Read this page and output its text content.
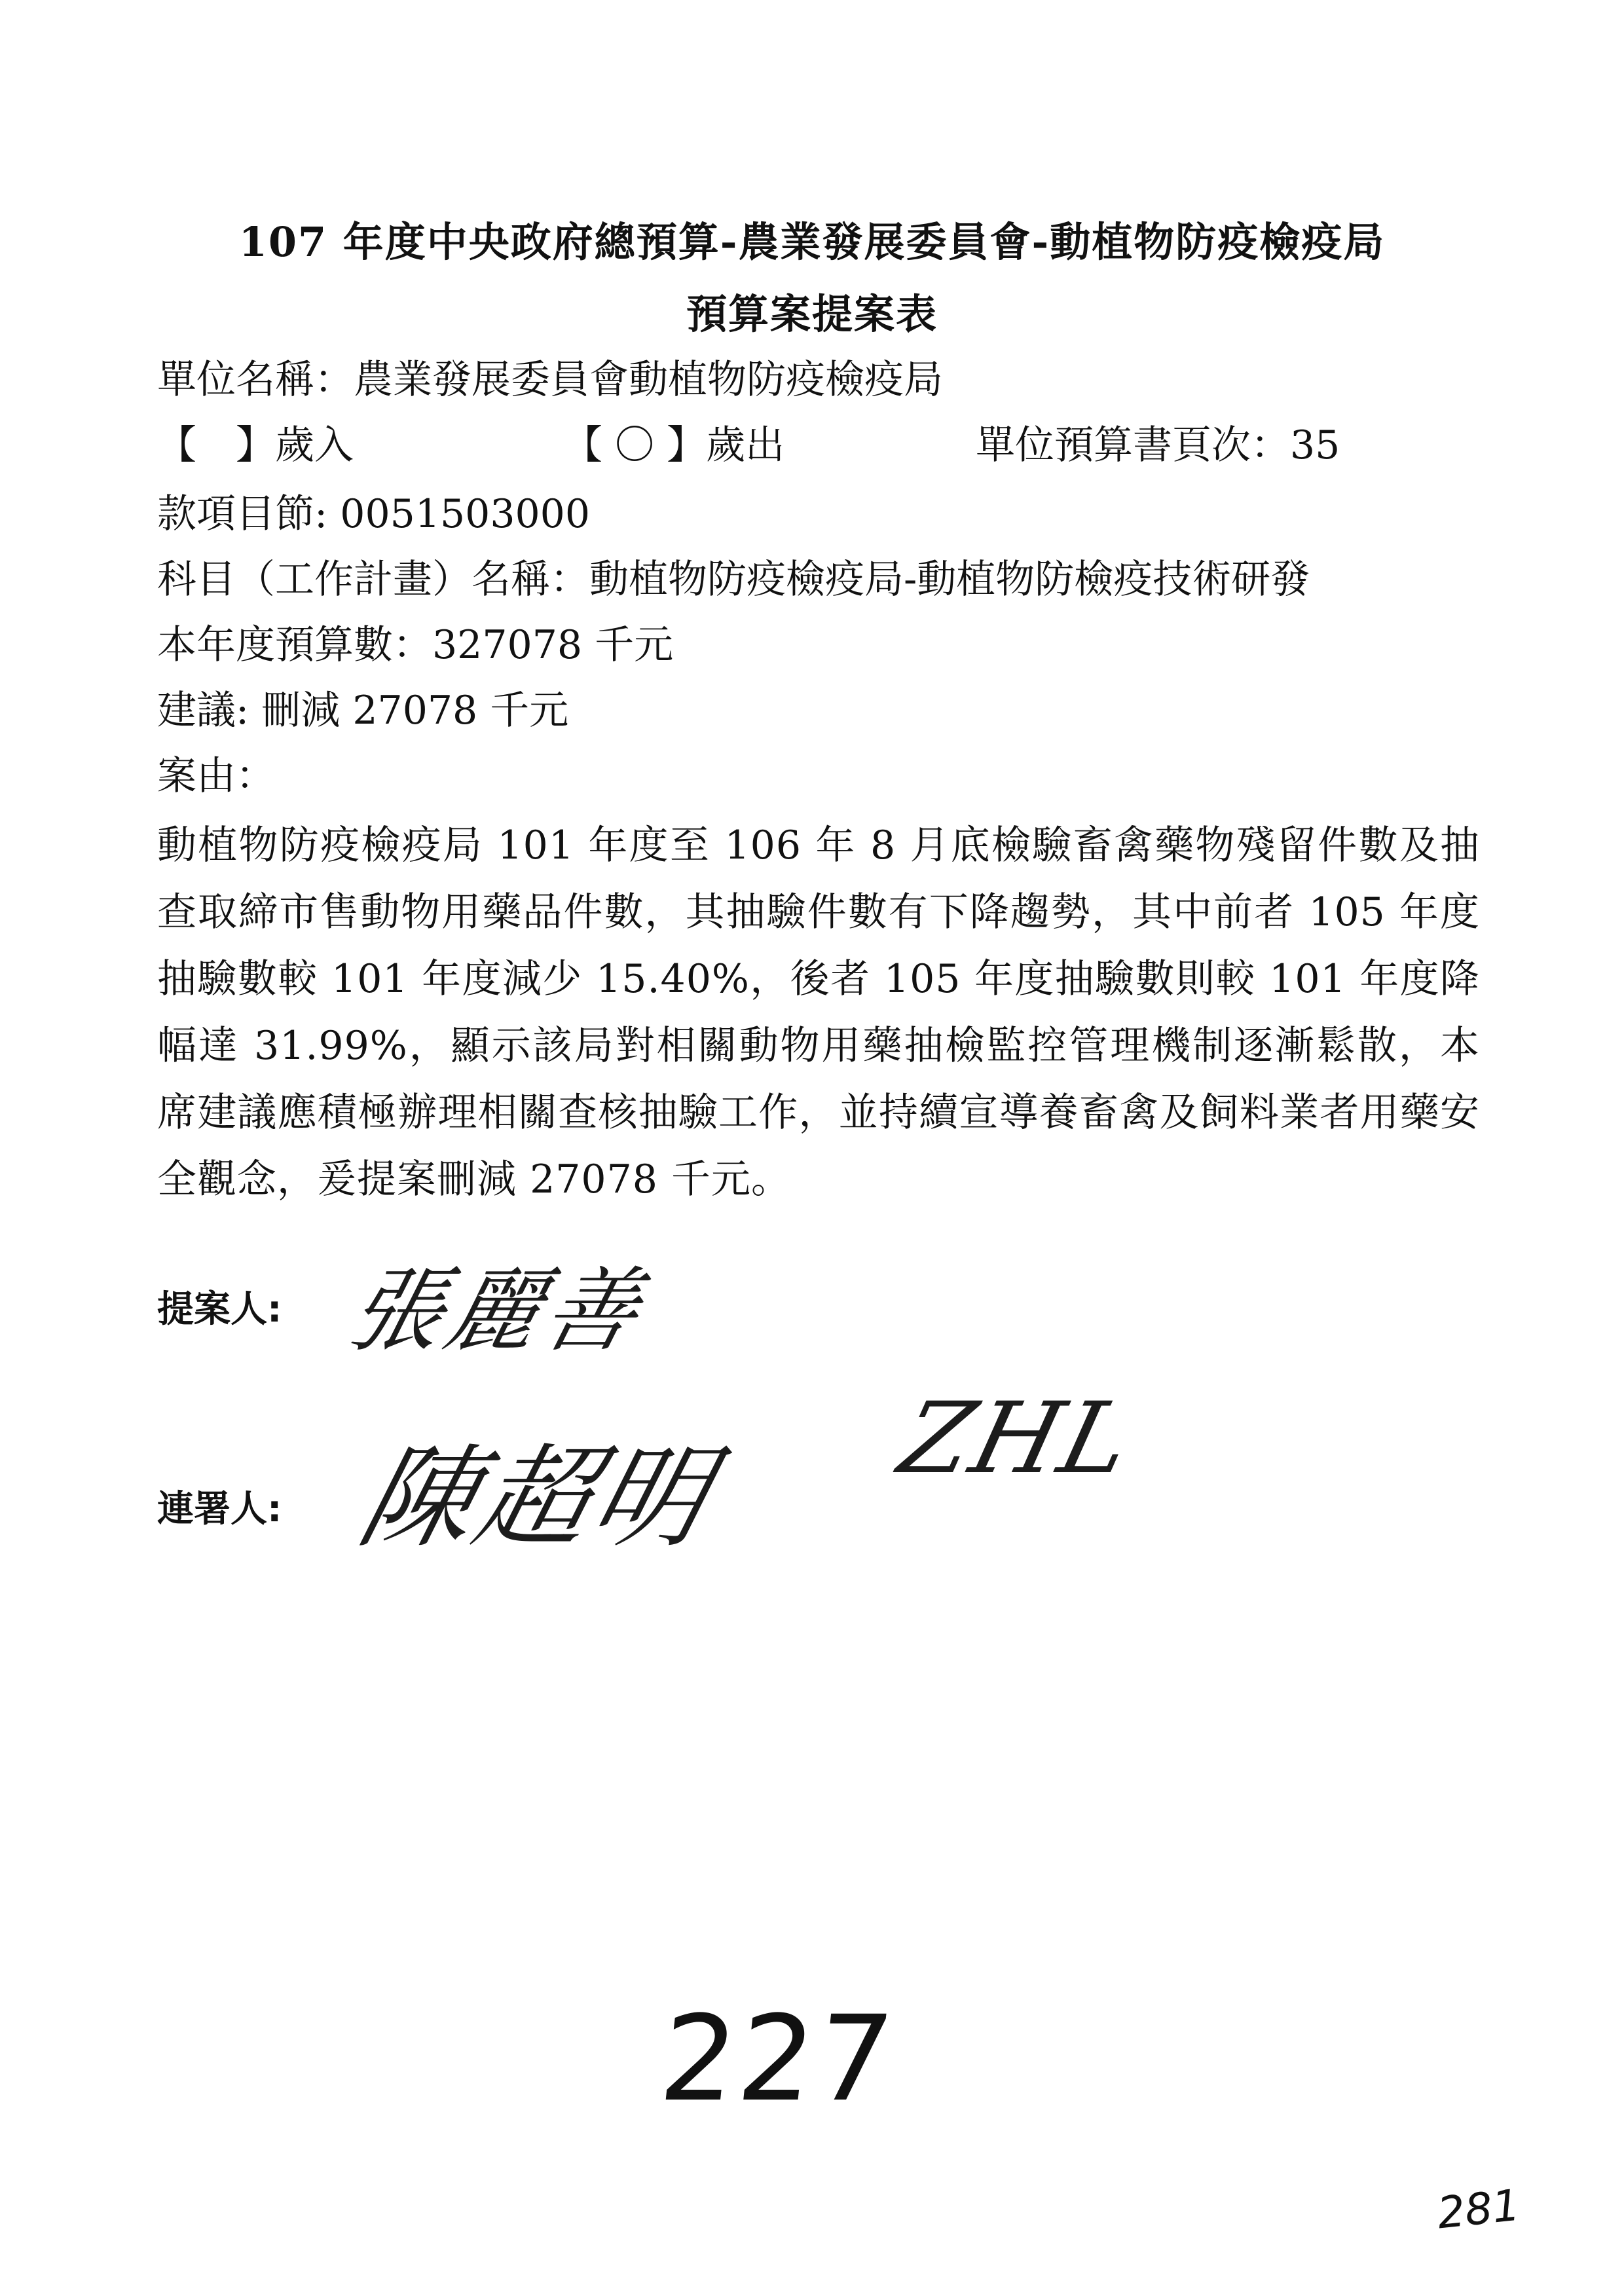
107 年度中央政府總預算-農業發展委員會-動植物防疫檢疫局
預算案提案表
單位名稱：農業發展委員會動植物防疫檢疫局
【　】歲入	【 〇 】歲出	單位預算書頁次：35
款項目節: 0051503000
科目（工作計畫）名稱：動植物防疫檢疫局-動植物防檢疫技術研發
本年度預算數：327078 千元
建議: 刪減 27078 千元
案由：
動植物防疫檢疫局 101 年度至 106 年 8 月底檢驗畜禽藥物殘留件數及抽查取締市售動物用藥品件數，其抽驗件數有下降趨勢，其中前者 105 年度抽驗數較 101 年度減少 15.40%，後者 105 年度抽驗數則較 101 年度降幅達 31.99%，顯示該局對相關動物用藥抽檢監控管理機制逐漸鬆散，本席建議應積極辦理相關查核抽驗工作，並持續宣導養畜禽及飼料業者用藥安全觀念，爰提案刪減 27078 千元。
提案人: 張麗善
連署人: 陳超明 ZHL
227
281
